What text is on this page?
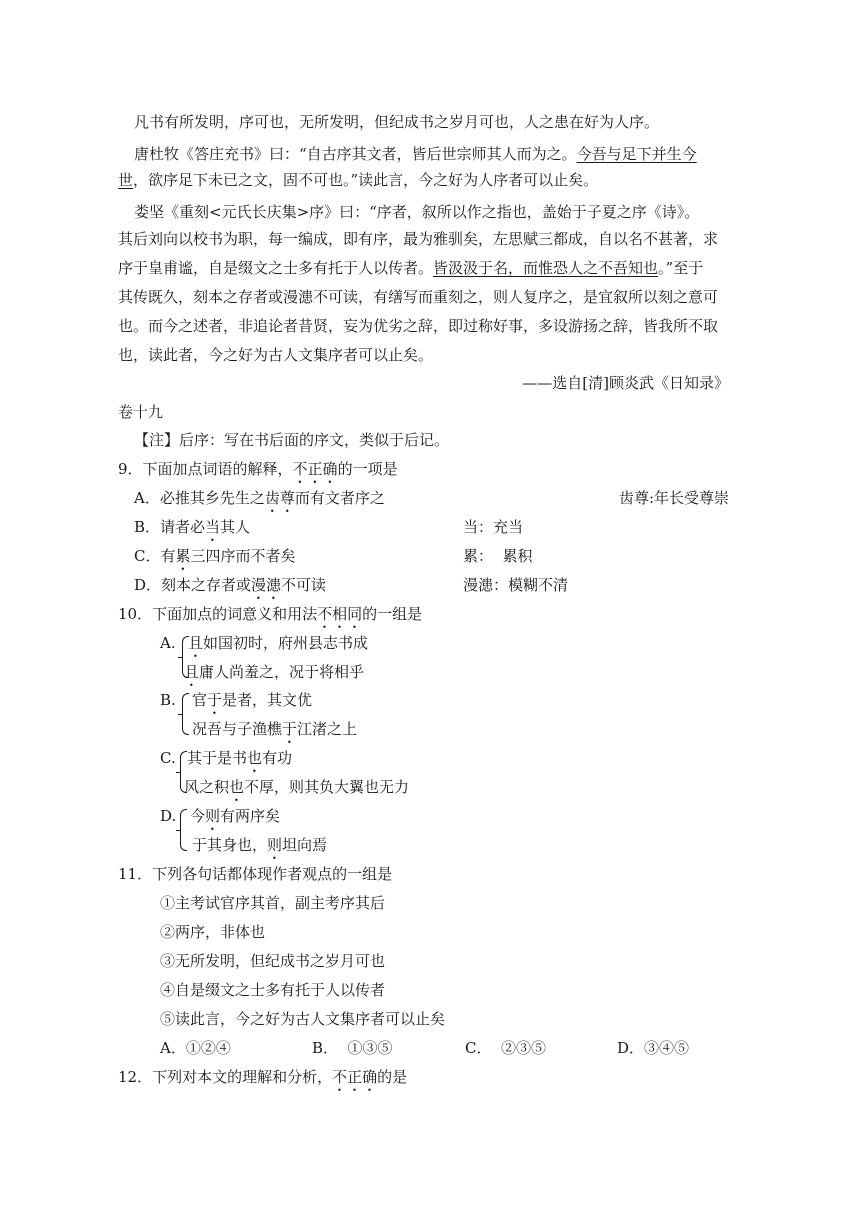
凡书有所发明，序可也，无所发明，但纪成书之岁月可也，人之患在好为人序。
唐杜牧《答庄充书》曰：“自古序其文者，皆后世宗师其人而为之。今吾与足下并生今
世，欲序足下未已之文，固不可也。”读此言，今之好为人序者可以止矣。
娄坚《重刻<元氏长庆集>序》曰：“序者，叙所以作之指也，盖始于子夏之序《诗》。
其后刘向以校书为职，每一编成，即有序，最为雅驯矣，左思赋三都成，自以名不甚著，求
序于皇甫谧，自是缀文之士多有托于人以传者。皆汲汲于名，而惟恐人之不吾知也。”至于
其传既久，刻本之存者或漫漶不可读，有缮写而重刻之，则人复序之，是宜叙所以刻之意可
也。而今之述者，非追论者昔贤，妄为优劣之辞，即过称好事，多设游扬之辞，皆我所不取
也，读此者，今之好为古人文集序者可以止矣。
——选自[清]顾炎武《日知录》
卷十九
【注】后序：写在书后面的序文，类似于后记。
9．下面加点词语的解释，不正确的一项是
A．必推其乡先生之齿尊而有文者序之	齿尊:年长受尊崇
B．请者必当其人	当：充当
C．有累三四序而不者矣	累：  累积
D．刻本之存者或漫漶不可读	漫漶：模糊不清
10．下面加点的词意义和用法不相同的一组是
A. 且如国初时，府州县志书成
且庸人尚羞之，况于将相乎
B. 官于是者，其文优
况吾与子渔樵于江渚之上
C. 其于是书也有功
风之积也不厚，则其负大翼也无力
D. 今则有两序矣
于其身也，则坦向焉
11．下列各句话都体现作者观点的一组是
①主考试官序其首，副主考序其后
②两序，非体也
③无所发明，但纪成书之岁月可也
④自是缀文之士多有托于人以传者
⑤读此言，今之好为古人文集序者可以止矣
A．①②④	B．  ①③⑤	C．  ②③⑤	D．③④⑤
12．下列对本文的理解和分析，不正确的是
